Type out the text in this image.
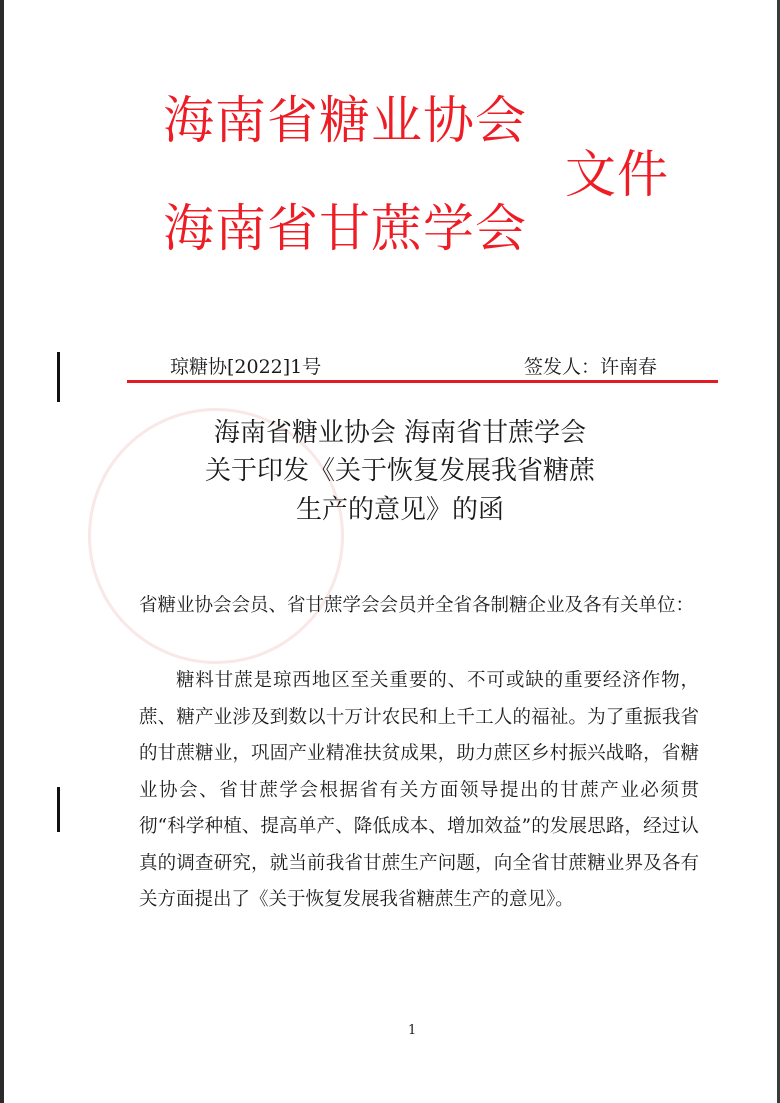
海南省糖业协会
海南省甘蔗学会
文件
琼糖协[2022]1号	签发人：许南春
海南省糖业协会 海南省甘蔗学会
关于印发《关于恢复发展我省糖蔗
生产的意见》的函
省糖业协会会员、省甘蔗学会会员并全省各制糖企业及各有关单位：
糖料甘蔗是琼西地区至关重要的、不可或缺的重要经济作物，蔗、糖产业涉及到数以十万计农民和上千工人的福祉。为了重振我省的甘蔗糖业，巩固产业精准扶贫成果，助力蔗区乡村振兴战略，省糖业协会、省甘蔗学会根据省有关方面领导提出的甘蔗产业必须贯彻“科学种植、提高单产、降低成本、增加效益”的发展思路，经过认真的调查研究，就当前我省甘蔗生产问题，向全省甘蔗糖业界及各有关方面提出了《关于恢复发展我省糖蔗生产的意见》。
1
